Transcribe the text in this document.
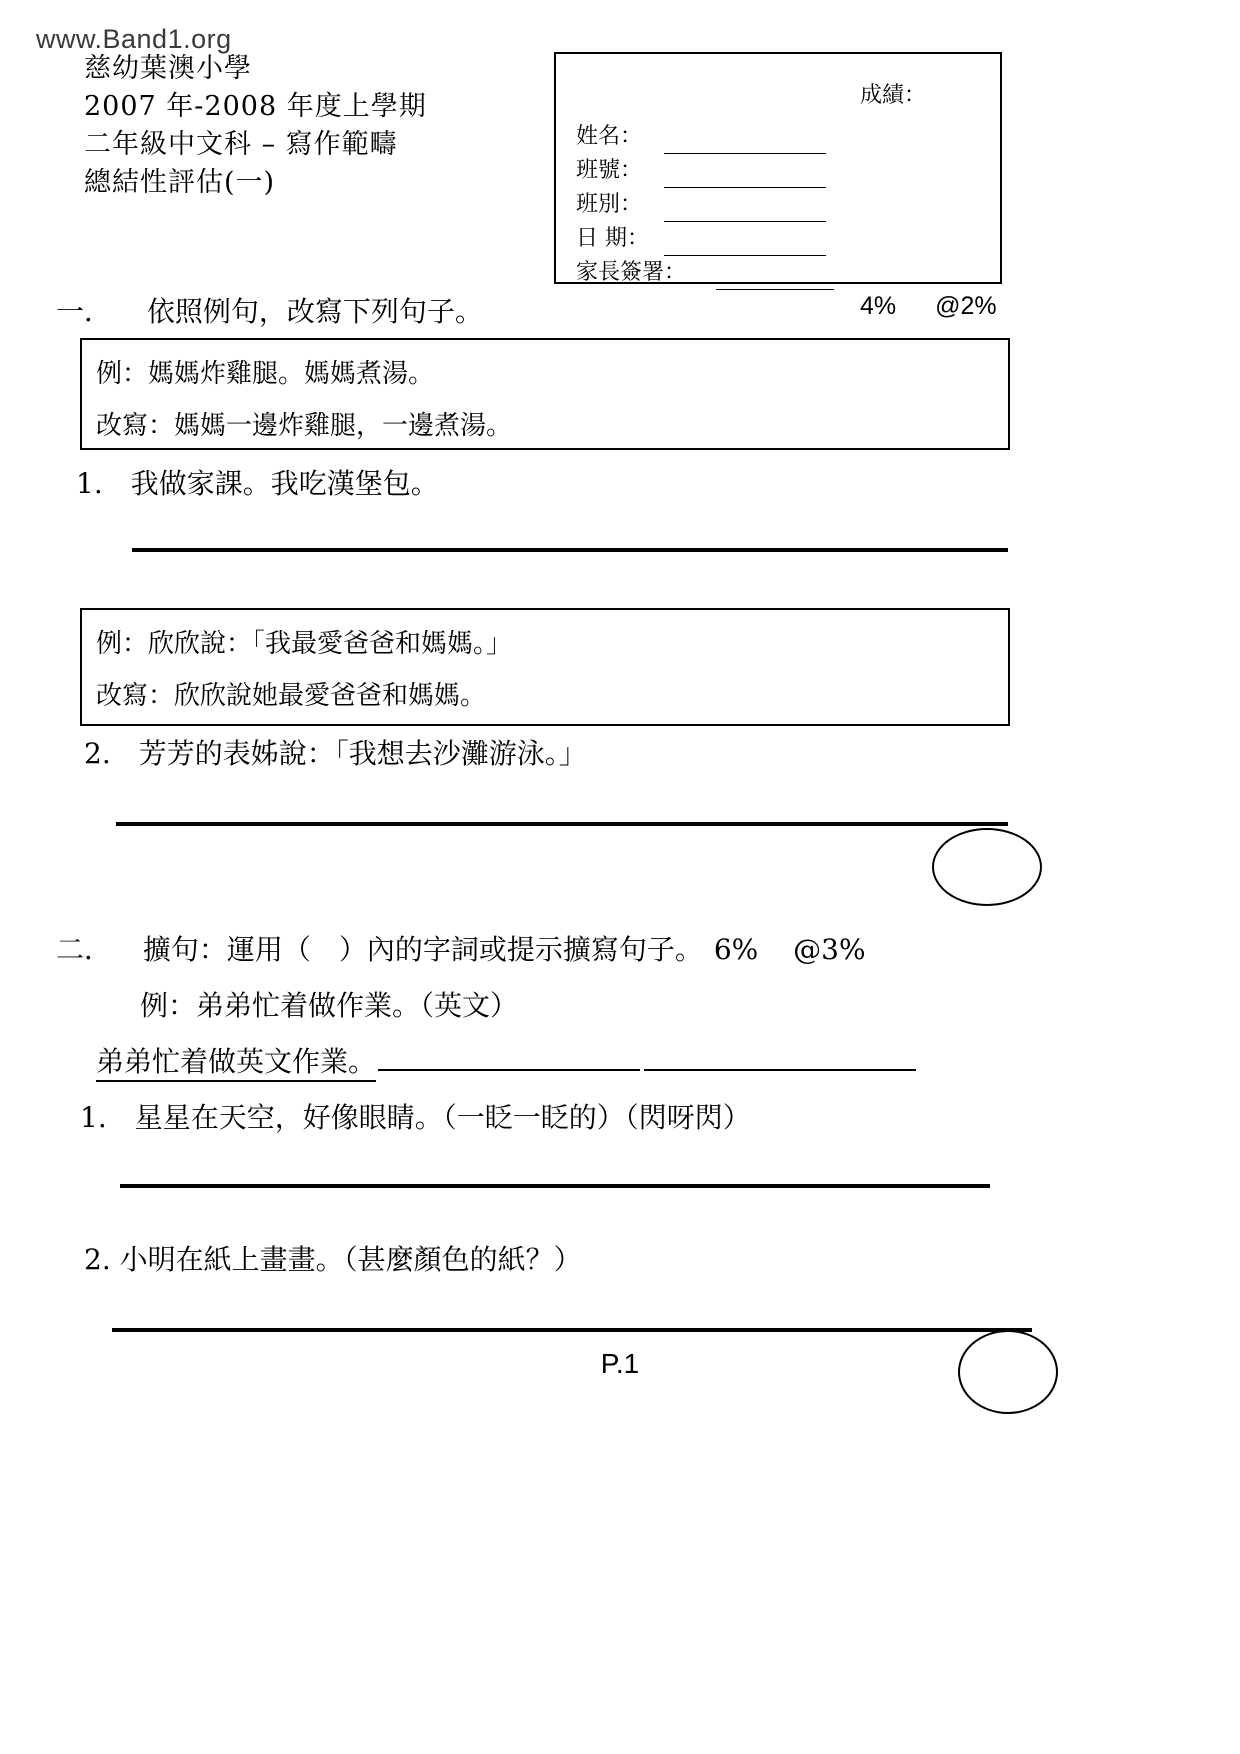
www.Band1.org
慈幼葉澳小學
2007 年-2008 年度上學期
二年級中文科 – 寫作範疇
總結性評估(一)
成績：
姓名：
班號：
班別：
日 期：
家長簽署：
一． 依照例句，改寫下列句子。	4% @2%
例：媽媽炸雞腿。媽媽煮湯。
改寫：媽媽一邊炸雞腿，一邊煮湯。
1.　我做家課。我吃漢堡包。
例：欣欣說：「我最愛爸爸和媽媽。」
改寫：欣欣說她最愛爸爸和媽媽。
2.　芳芳的表姊說：「我想去沙灘游泳。」
二． 擴句：運用（　）內的字詞或提示擴寫句子。 6% @3%
例：弟弟忙着做作業。（英文）
弟弟忙着做英文作業。
1.　星星在天空，好像眼睛。（一眨一眨的）（閃呀閃）
2. 小明在紙上畫畫。（甚麼顏色的紙？）
P.1
